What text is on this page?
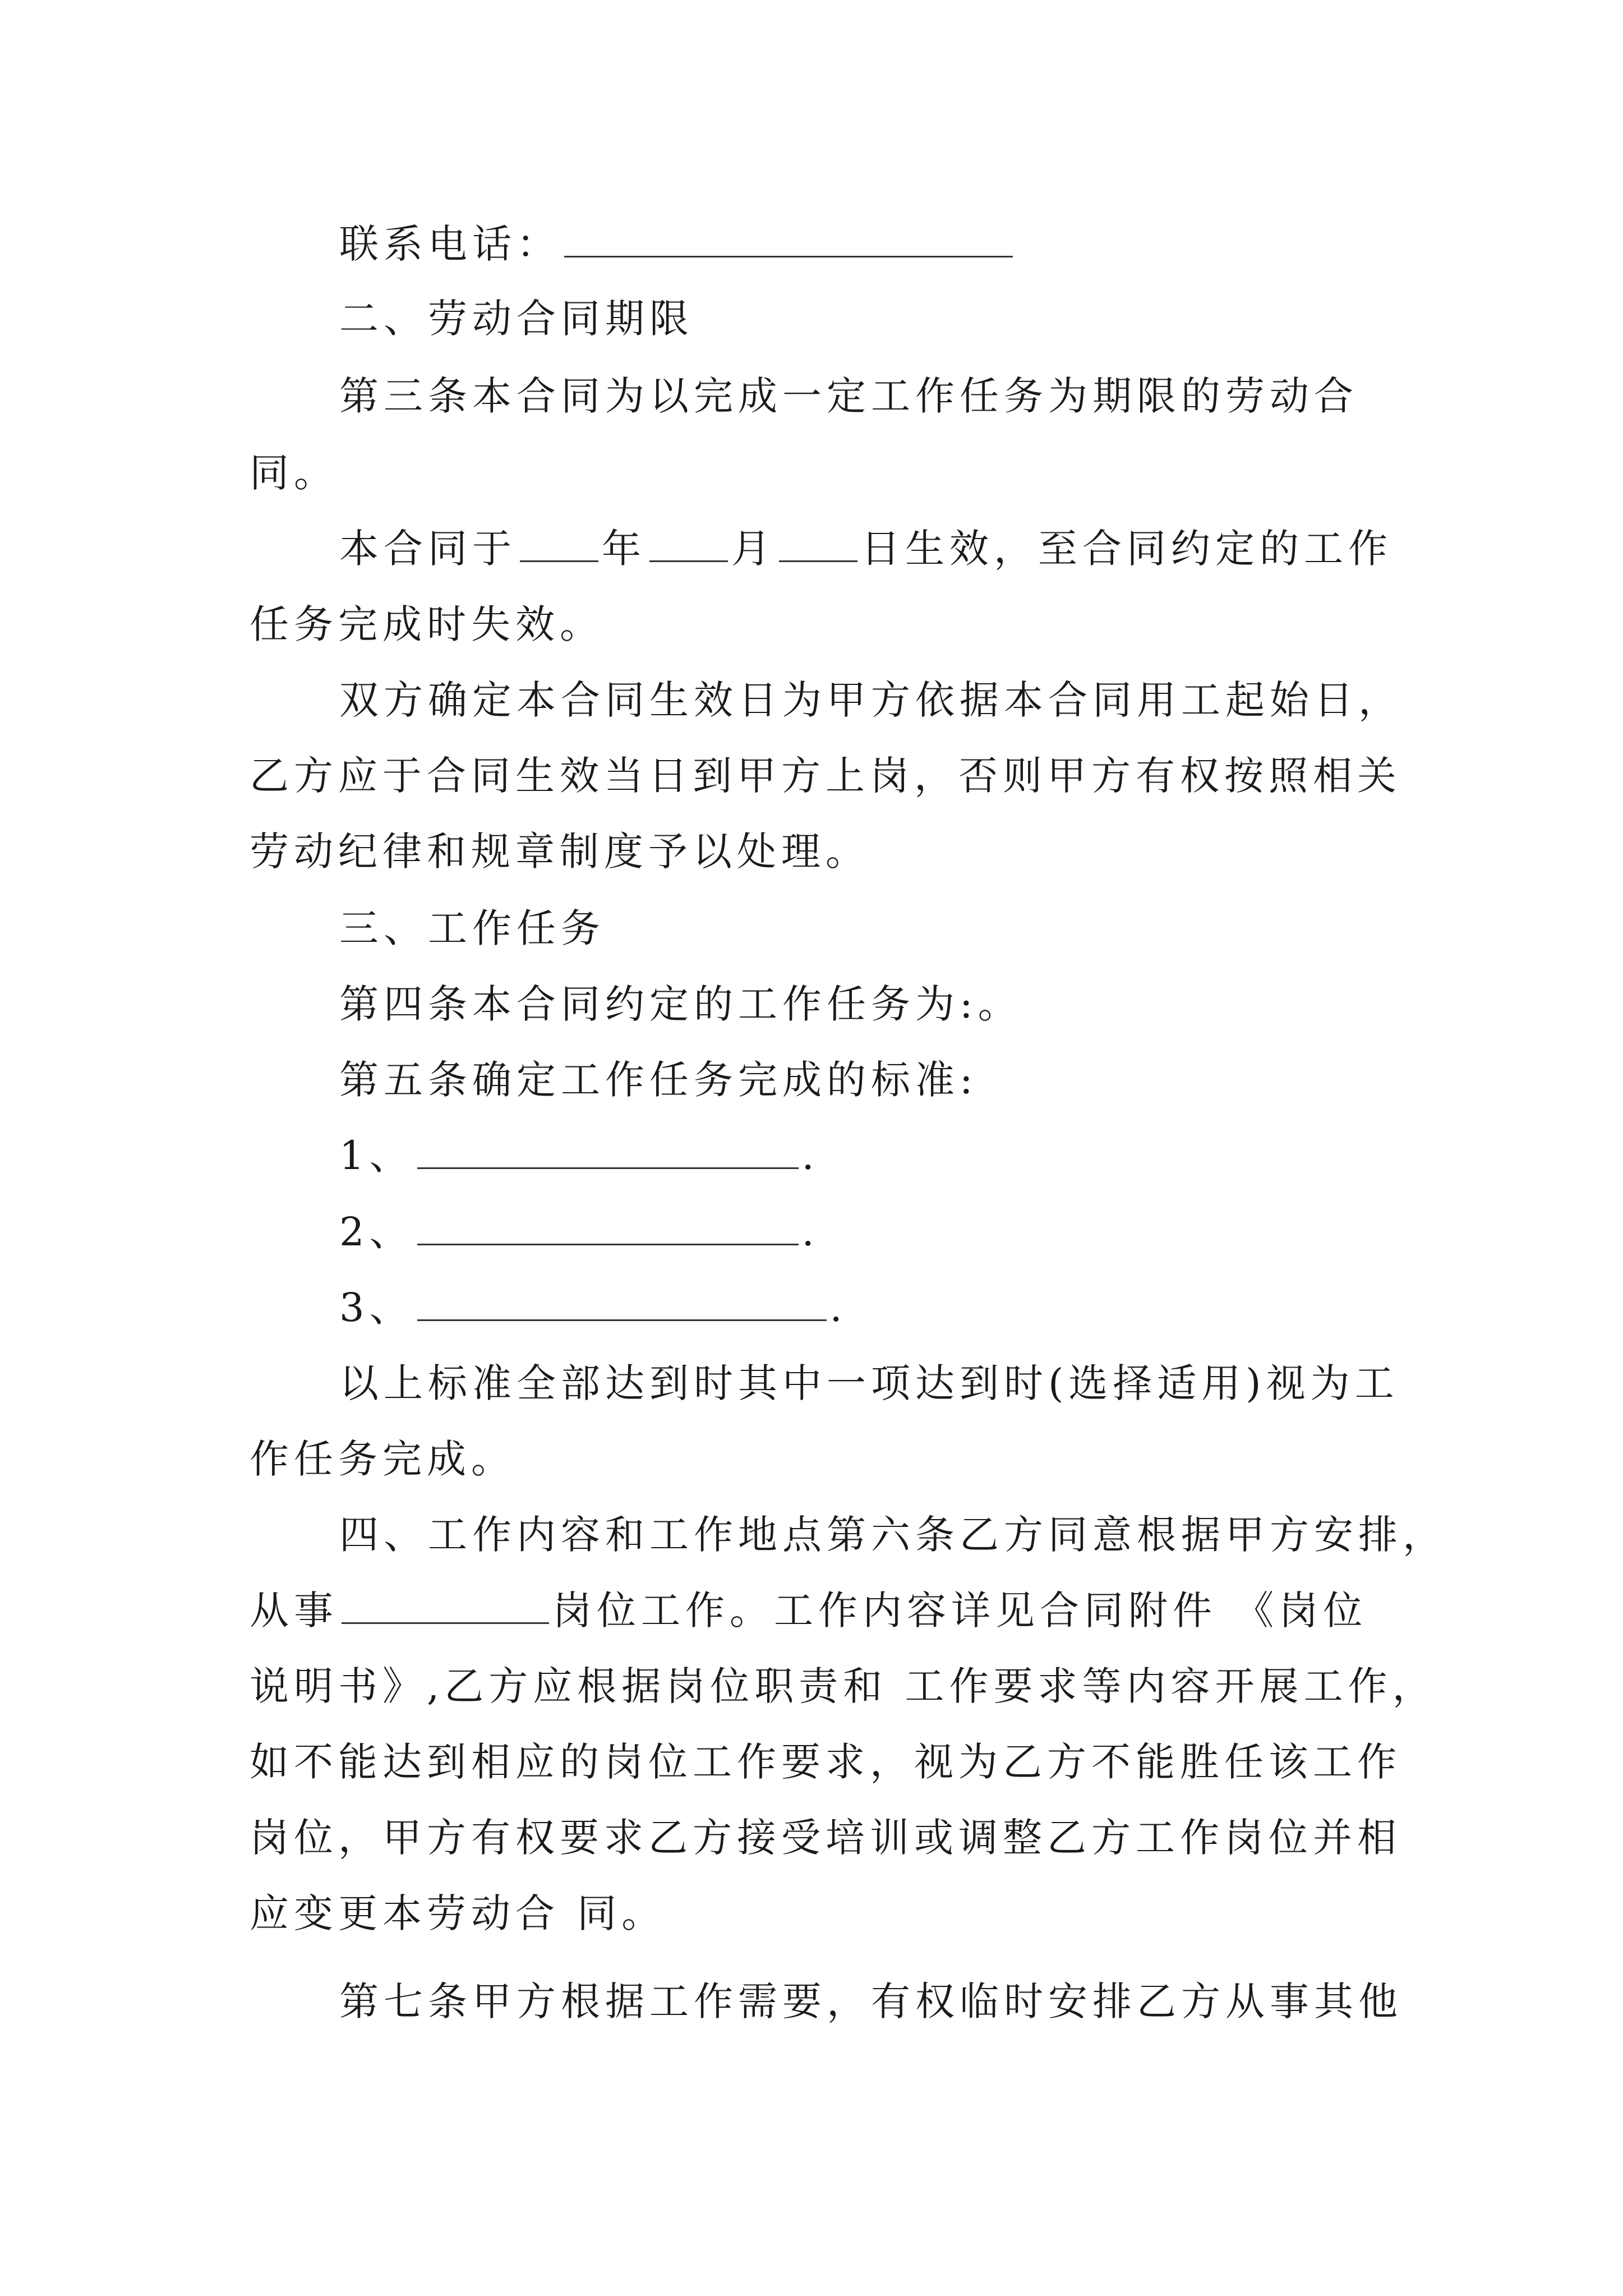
联系电话：
二、劳动合同期限
第三条本合同为以完成一定工作任务为期限的劳动合
同。
本合同于 年 月 日生效，至合同约定的工作
任务完成时失效。
双方确定本合同生效日为甲方依据本合同用工起始日，
乙方应于合同生效当日到甲方上岗，否则甲方有权按照相关
劳动纪律和规章制度予以处理。
三、工作任务
第四条本合同约定的工作任务为:。
第五条确定工作任务完成的标准:
1、	.
2、	.
3、	.
以上标准全部达到时其中一项达到时(选择适用)视为工
作任务完成。
四、工作内容和工作地点第六条乙方同意根据甲方安排，
从事	岗位工作。工作内容详见合同附件 《岗位
说明书》,乙方应根据岗位职责和 工作要求等内容开展工作，
如不能达到相应的岗位工作要求，视为乙方不能胜任该工作
岗位，甲方有权要求乙方接受培训或调整乙方工作岗位并相
应变更本劳动合 同。
第七条甲方根据工作需要，有权临时安排乙方从事其他
